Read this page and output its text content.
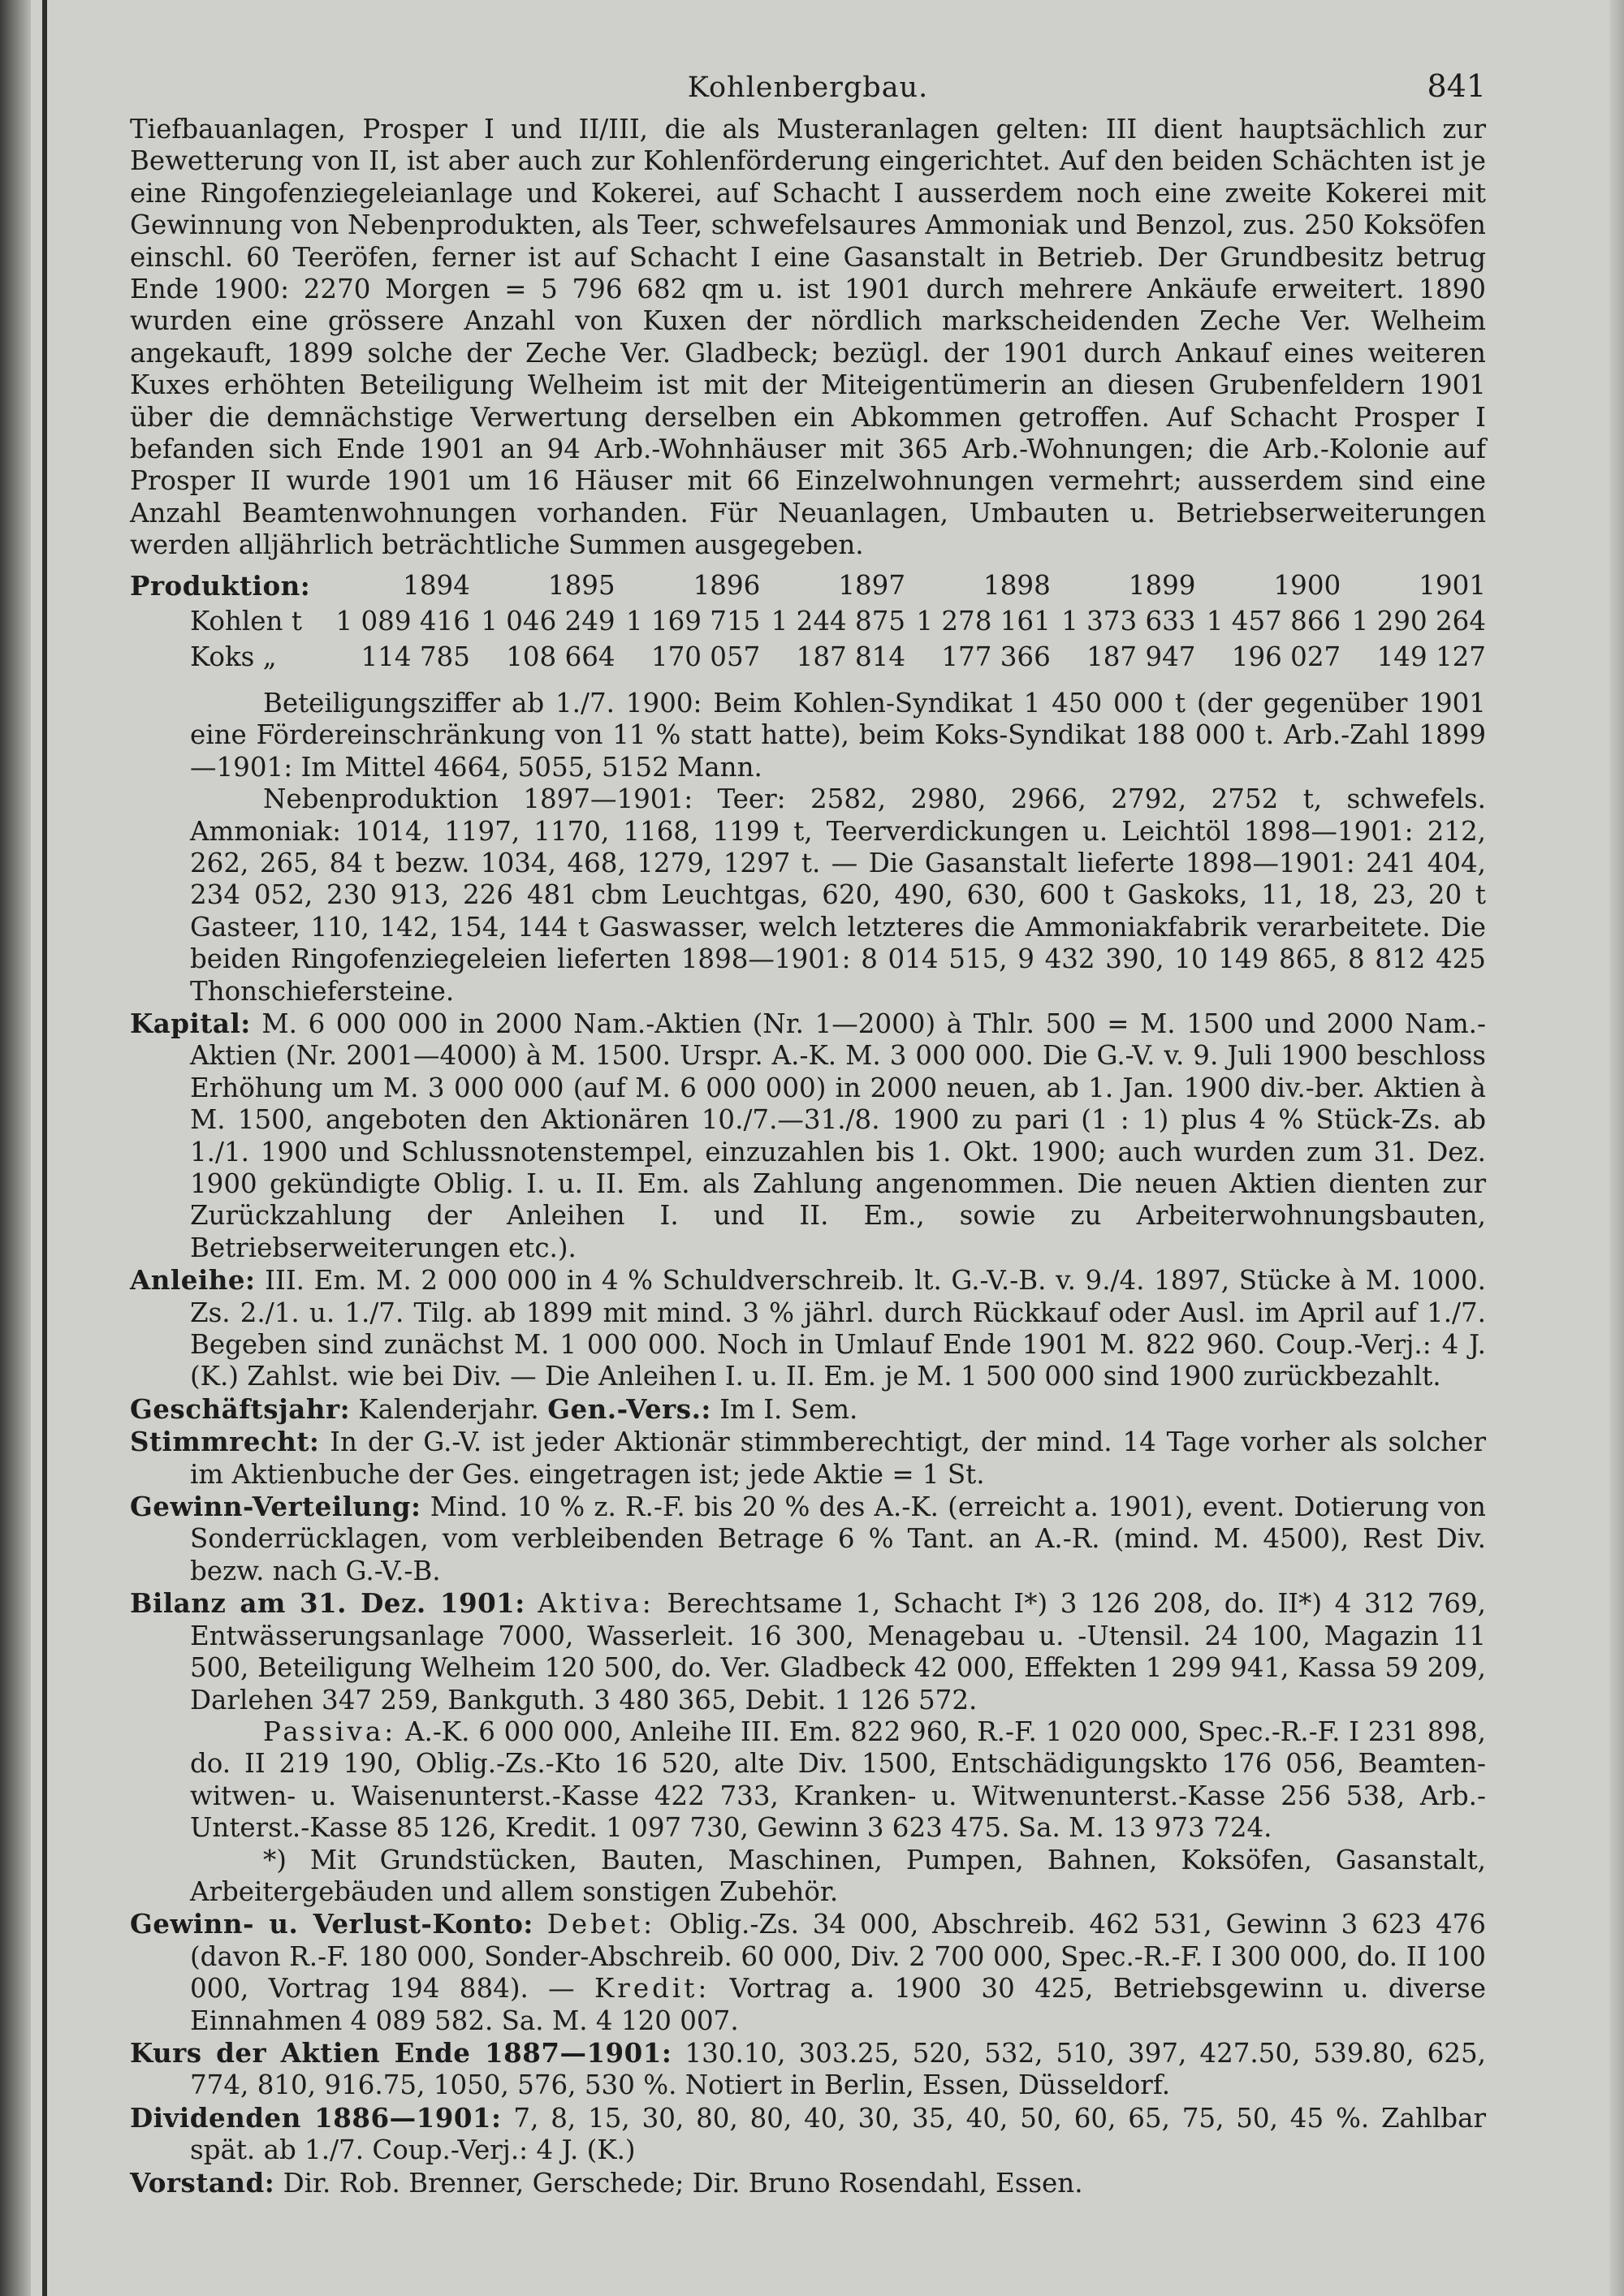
Kohlenbergbau.	841

Tiefbauanlagen, Prosper I und II/III, die als Musteranlagen gelten: III dient hauptsächlich zur Bewetterung von II, ist aber auch zur Kohlenförderung eingerichtet. Auf den beiden Schächten ist je eine Ringofenziegeleianlage und Kokerei, auf Schacht I ausserdem noch eine zweite Kokerei mit Gewinnung von Nebenprodukten, als Teer, schwefelsaures Ammoniak und Benzol, zus. 250 Koksöfen einschl. 60 Teeröfen, ferner ist auf Schacht I eine Gasanstalt in Betrieb. Der Grundbesitz betrug Ende 1900: 2270 Morgen = 5 796 682 qm u. ist 1901 durch mehrere Ankäufe erweitert. 1890 wurden eine grössere Anzahl von Kuxen der nördlich markscheidenden Zeche Ver. Welheim angekauft, 1899 solche der Zeche Ver. Gladbeck; bezügl. der 1901 durch Ankauf eines weiteren Kuxes erhöhten Beteiligung Welheim ist mit der Miteigentümerin an diesen Grubenfeldern 1901 über die demnächstige Verwertung derselben ein Abkommen getroffen. Auf Schacht Prosper I befanden sich Ende 1901 an 94 Arb.-Wohnhäuser mit 365 Arb.-Wohnungen; die Arb.-Kolonie auf Prosper II wurde 1901 um 16 Häuser mit 66 Einzelwohnungen vermehrt; ausserdem sind eine Anzahl Beamtenwohnungen vorhanden. Für Neuanlagen, Umbauten u. Betriebserweiterungen werden alljährlich beträchtliche Summen ausgegeben.

Produktion:	1894	1895	1896	1897	1898	1899	1900	1901
Kohlen t	1 089 416	1 046 249	1 169 715	1 244 875	1 278 161	1 373 633	1 457 866	1 290 264
Koks „	114 785	108 664	170 057	187 814	177 366	187 947	196 027	149 127

Beteiligungsziffer ab 1./7. 1900: Beim Kohlen-Syndikat 1 450 000 t (der gegenüber 1901 eine Fördereinschränkung von 11 % statt hatte), beim Koks-Syndikat 188 000 t. Arb.-Zahl 1899—1901: Im Mittel 4664, 5055, 5152 Mann.

Nebenproduktion 1897—1901: Teer: 2582, 2980, 2966, 2792, 2752 t, schwefels. Ammoniak: 1014, 1197, 1170, 1168, 1199 t, Teerverdickungen u. Leichtöl 1898—1901: 212, 262, 265, 84 t bezw. 1034, 468, 1279, 1297 t. — Die Gasanstalt lieferte 1898—1901: 241 404, 234 052, 230 913, 226 481 cbm Leuchtgas, 620, 490, 630, 600 t Gaskoks, 11, 18, 23, 20 t Gasteer, 110, 142, 154, 144 t Gaswasser, welch letzteres die Ammoniakfabrik verarbeitete. Die beiden Ringofenziegeleien lieferten 1898—1901: 8 014 515, 9 432 390, 10 149 865, 8 812 425 Thonschiefersteine.

Kapital: M. 6 000 000 in 2000 Nam.-Aktien (Nr. 1—2000) à Thlr. 500 = M. 1500 und 2000 Nam.-Aktien (Nr. 2001—4000) à M. 1500. Urspr. A.-K. M. 3 000 000. Die G.-V. v. 9. Juli 1900 beschloss Erhöhung um M. 3 000 000 (auf M. 6 000 000) in 2000 neuen, ab 1. Jan. 1900 div.-ber. Aktien à M. 1500, angeboten den Aktionären 10./7.—31./8. 1900 zu pari (1 : 1) plus 4 % Stück-Zs. ab 1./1. 1900 und Schlussnotenstempel, einzuzahlen bis 1. Okt. 1900; auch wurden zum 31. Dez. 1900 gekündigte Oblig. I. u. II. Em. als Zahlung angenommen. Die neuen Aktien dienten zur Zurückzahlung der Anleihen I. und II. Em., sowie zu Arbeiterwohnungsbauten, Betriebserweiterungen etc.).

Anleihe: III. Em. M. 2 000 000 in 4 % Schuldverschreib. lt. G.-V.-B. v. 9./4. 1897, Stücke à M. 1000. Zs. 2./1. u. 1./7. Tilg. ab 1899 mit mind. 3 % jährl. durch Rückkauf oder Ausl. im April auf 1./7. Begeben sind zunächst M. 1 000 000. Noch in Umlauf Ende 1901 M. 822 960. Coup.-Verj.: 4 J. (K.) Zahlst. wie bei Div. — Die Anleihen I. u. II. Em. je M. 1 500 000 sind 1900 zurückbezahlt.

Geschäftsjahr: Kalenderjahr. Gen.-Vers.: Im I. Sem.

Stimmrecht: In der G.-V. ist jeder Aktionär stimmberechtigt, der mind. 14 Tage vorher als solcher im Aktienbuche der Ges. eingetragen ist; jede Aktie = 1 St.

Gewinn-Verteilung: Mind. 10 % z. R.-F. bis 20 % des A.-K. (erreicht a. 1901), event. Dotierung von Sonderrücklagen, vom verbleibenden Betrage 6 % Tant. an A.-R. (mind. M. 4500), Rest Div. bezw. nach G.-V.-B.

Bilanz am 31. Dez. 1901: Aktiva: Berechtsame 1, Schacht I*) 3 126 208, do. II*) 4 312 769, Entwässerungsanlage 7000, Wasserleit. 16 300, Menagebau u. -Utensil. 24 100, Magazin 11 500, Beteiligung Welheim 120 500, do. Ver. Gladbeck 42 000, Effekten 1 299 941, Kassa 59 209, Darlehen 347 259, Bankguth. 3 480 365, Debit. 1 126 572.

Passiva: A.-K. 6 000 000, Anleihe III. Em. 822 960, R.-F. 1 020 000, Spec.-R.-F. I 231 898, do. II 219 190, Oblig.-Zs.-Kto 16 520, alte Div. 1500, Entschädigungskto 176 056, Beamten-witwen- u. Waisenunterst.-Kasse 422 733, Kranken- u. Witwenunterst.-Kasse 256 538, Arb.-Unterst.-Kasse 85 126, Kredit. 1 097 730, Gewinn 3 623 475. Sa. M. 13 973 724.

*) Mit Grundstücken, Bauten, Maschinen, Pumpen, Bahnen, Koksöfen, Gasanstalt, Arbeitergebäuden und allem sonstigen Zubehör.

Gewinn- u. Verlust-Konto: Debet: Oblig.-Zs. 34 000, Abschreib. 462 531, Gewinn 3 623 476 (davon R.-F. 180 000, Sonder-Abschreib. 60 000, Div. 2 700 000, Spec.-R.-F. I 300 000, do. II 100 000, Vortrag 194 884). — Kredit: Vortrag a. 1900 30 425, Betriebsgewinn u. diverse Einnahmen 4 089 582. Sa. M. 4 120 007.

Kurs der Aktien Ende 1887—1901: 130.10, 303.25, 520, 532, 510, 397, 427.50, 539.80, 625, 774, 810, 916.75, 1050, 576, 530 %. Notiert in Berlin, Essen, Düsseldorf.

Dividenden 1886—1901: 7, 8, 15, 30, 80, 80, 40, 30, 35, 40, 50, 60, 65, 75, 50, 45 %. Zahlbar spät. ab 1./7. Coup.-Verj.: 4 J. (K.)

Vorstand: Dir. Rob. Brenner, Gerschede; Dir. Bruno Rosendahl, Essen.
